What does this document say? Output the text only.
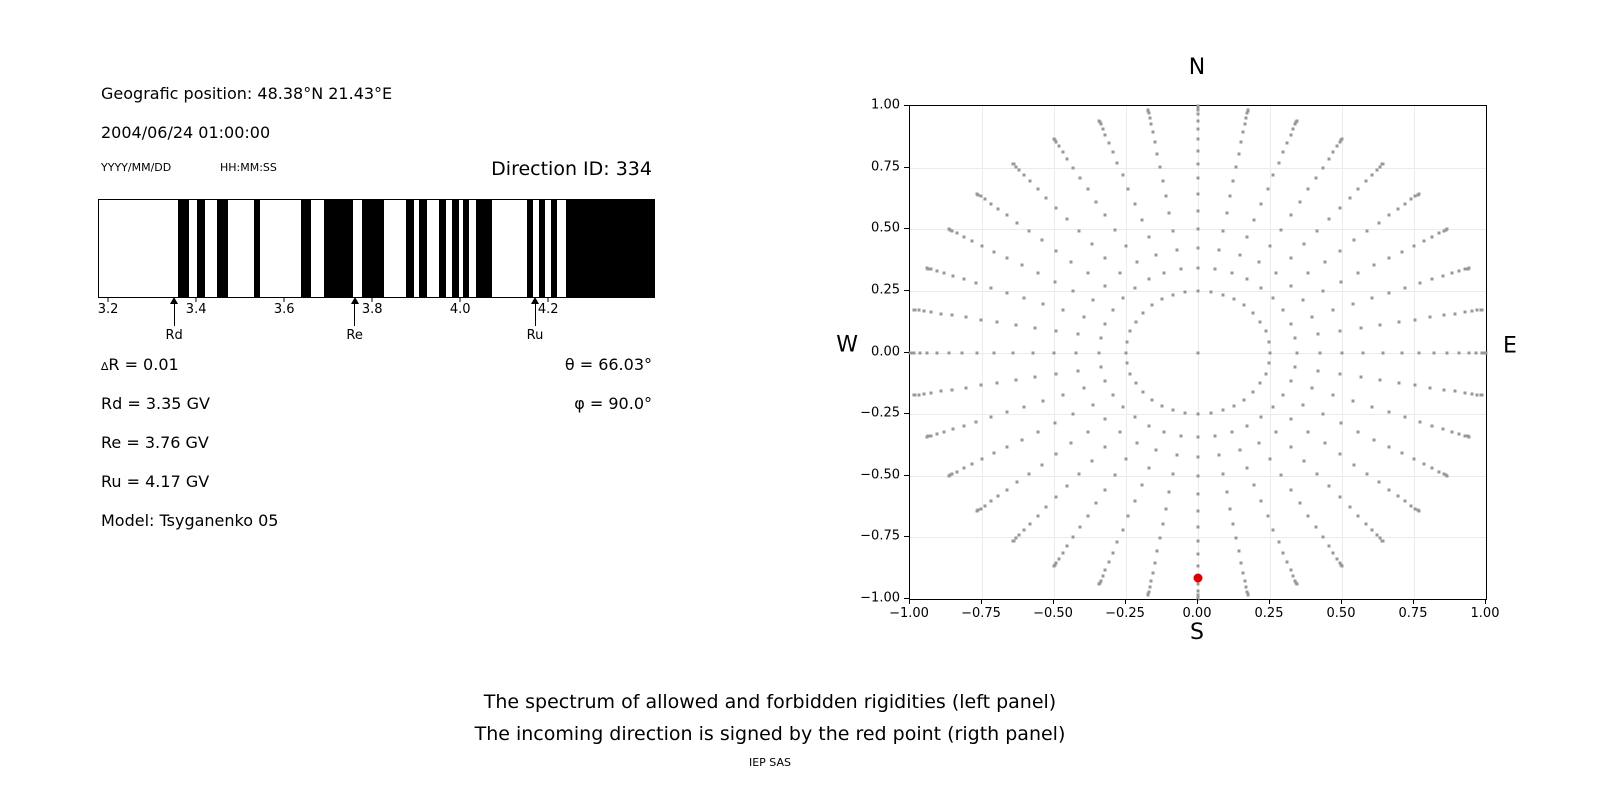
Geografic position: 48.38°N 21.43°E
2004/06/24 01:00:00
YYYY/MM/DD	HH:MM:SS	Direction ID: 334
3.2	3.4	3.6	3.8	4.0	4.2
Rd	Re	Ru
∆R = 0.01
Rd = 3.35 GV
Re = 3.76 GV
Ru = 4.17 GV
Model: Tsyganenko 05
θ = 66.03°
φ = 90.0°
N
W	E
S
−1.00 −0.75 −0.50 −0.25	0.00	0.25	0.50	0.75	1.00
1.00
0.75
0.50
0.25
0.00
−0.25
−0.50
−0.75
−1.00
The spectrum of allowed and forbidden rigidities (left panel)
The incoming direction is signed by the red point (rigth panel)
IEP SAS
